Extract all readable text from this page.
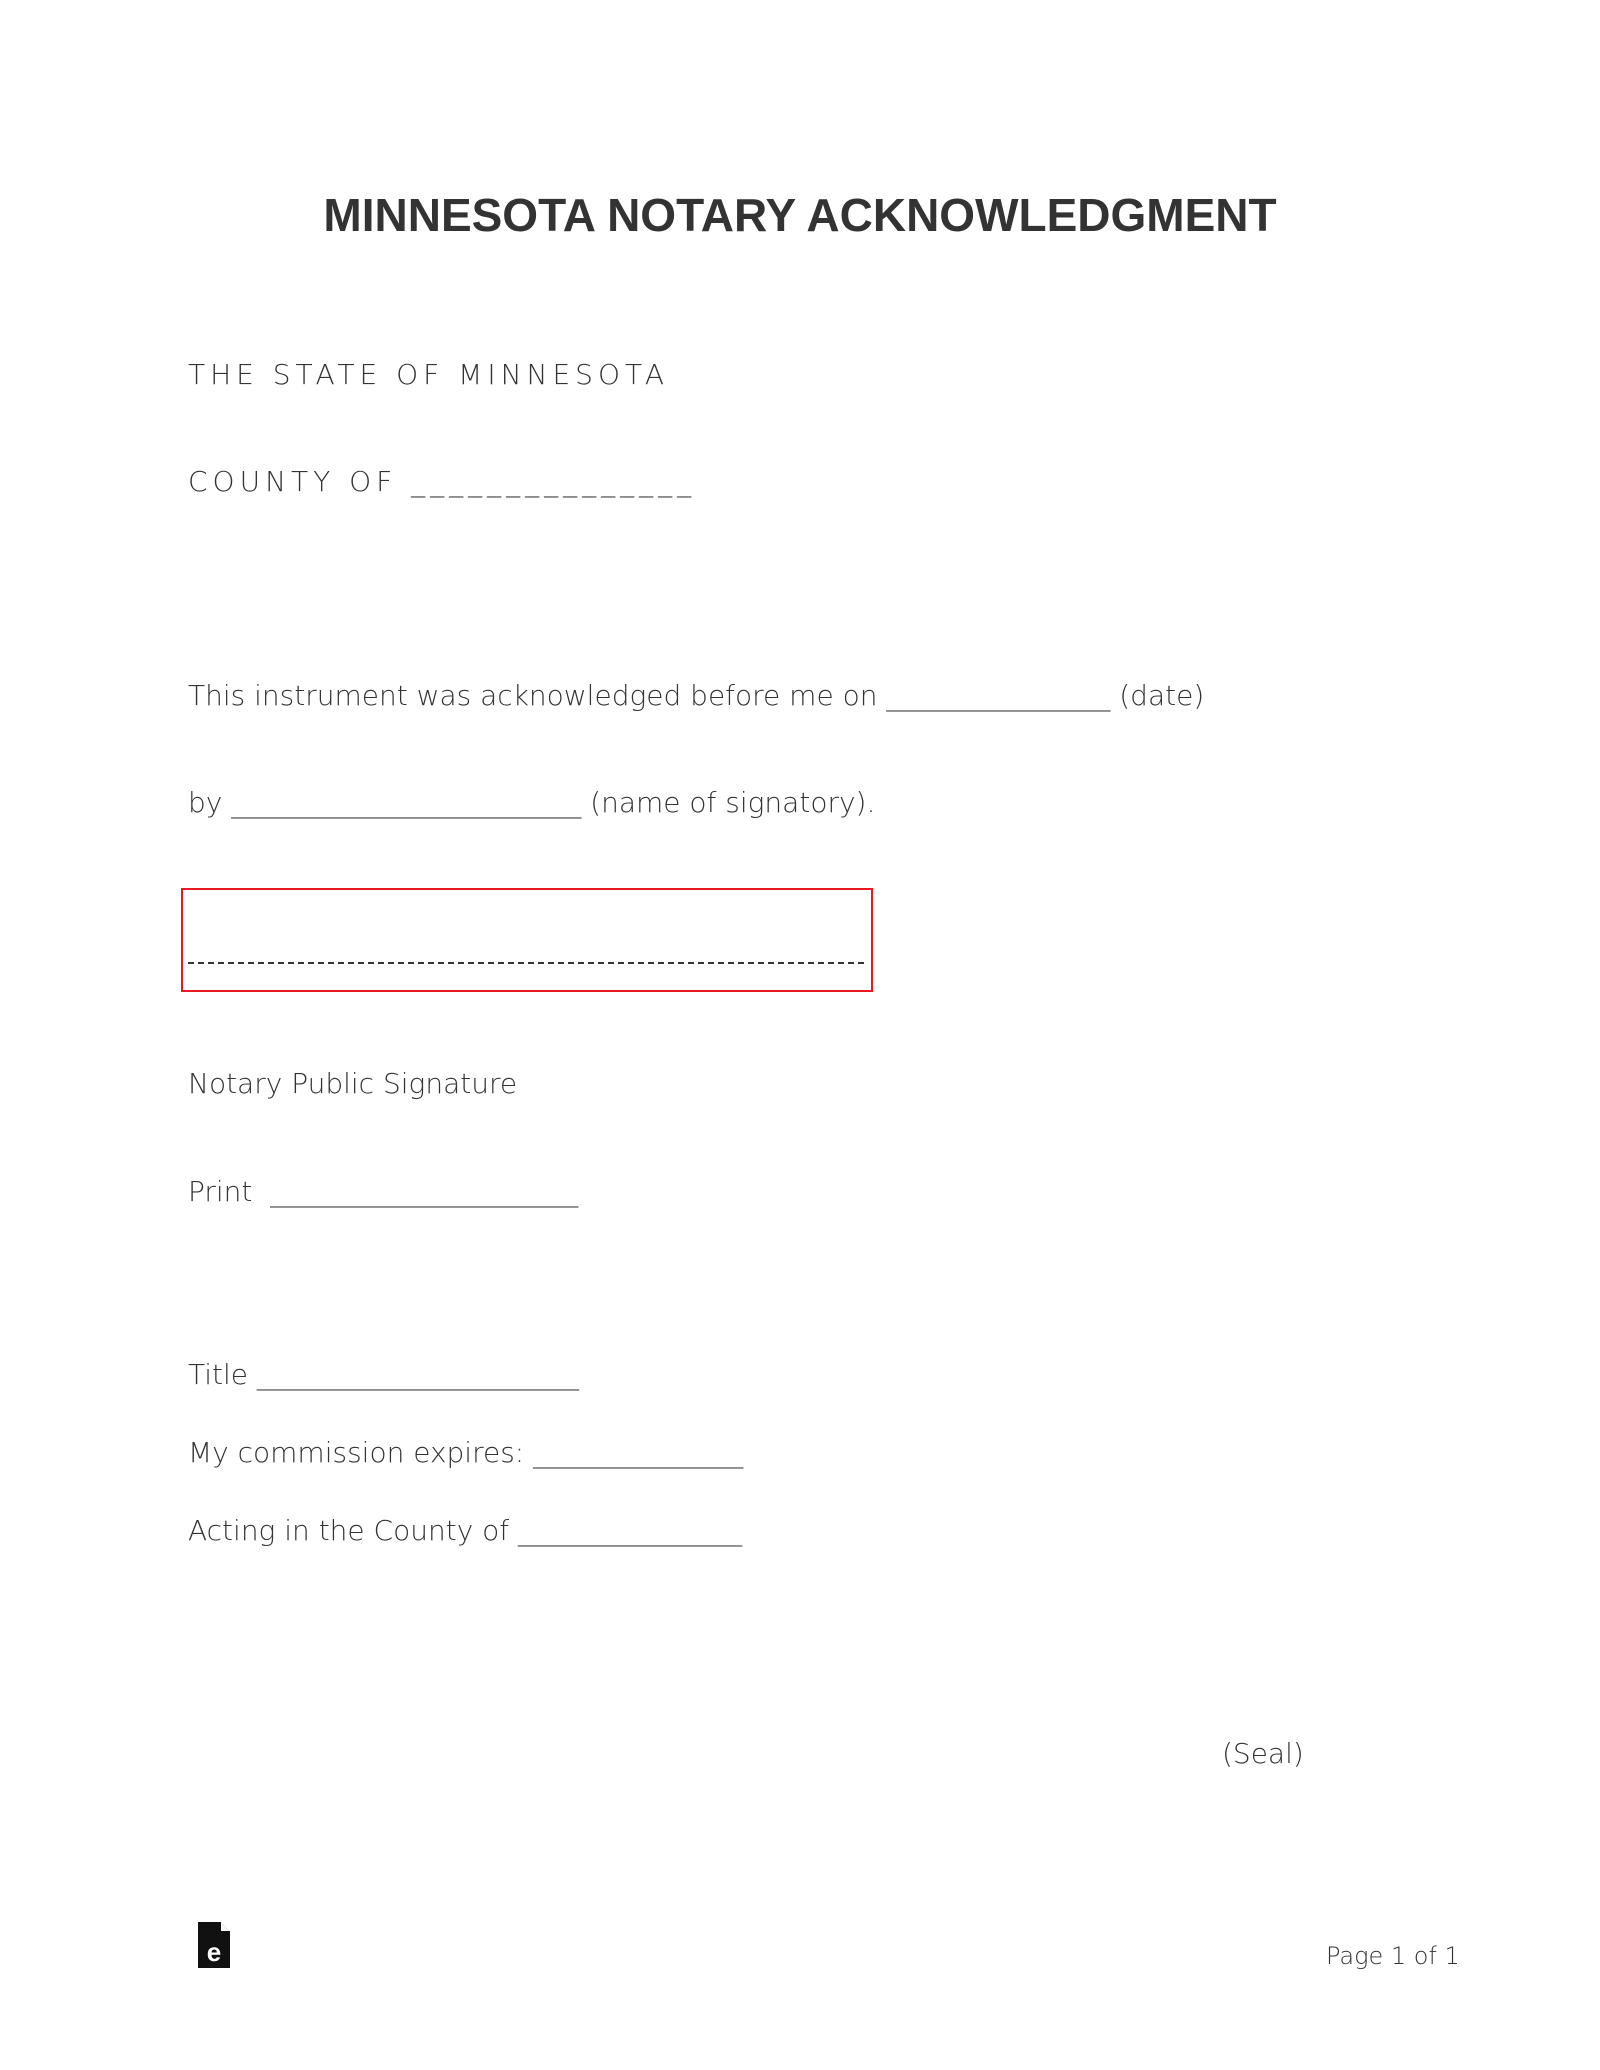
MINNESOTA NOTARY ACKNOWLEDGMENT
THE STATE OF MINNESOTA
COUNTY OF _______________
This instrument was acknowledged before me on ________________ (date)
by _________________________ (name of signatory).
Notary Public Signature
Print  ______________________
Title _______________________
My commission expires: _______________
Acting in the County of ________________
(Seal)
e	Page 1 of 1
